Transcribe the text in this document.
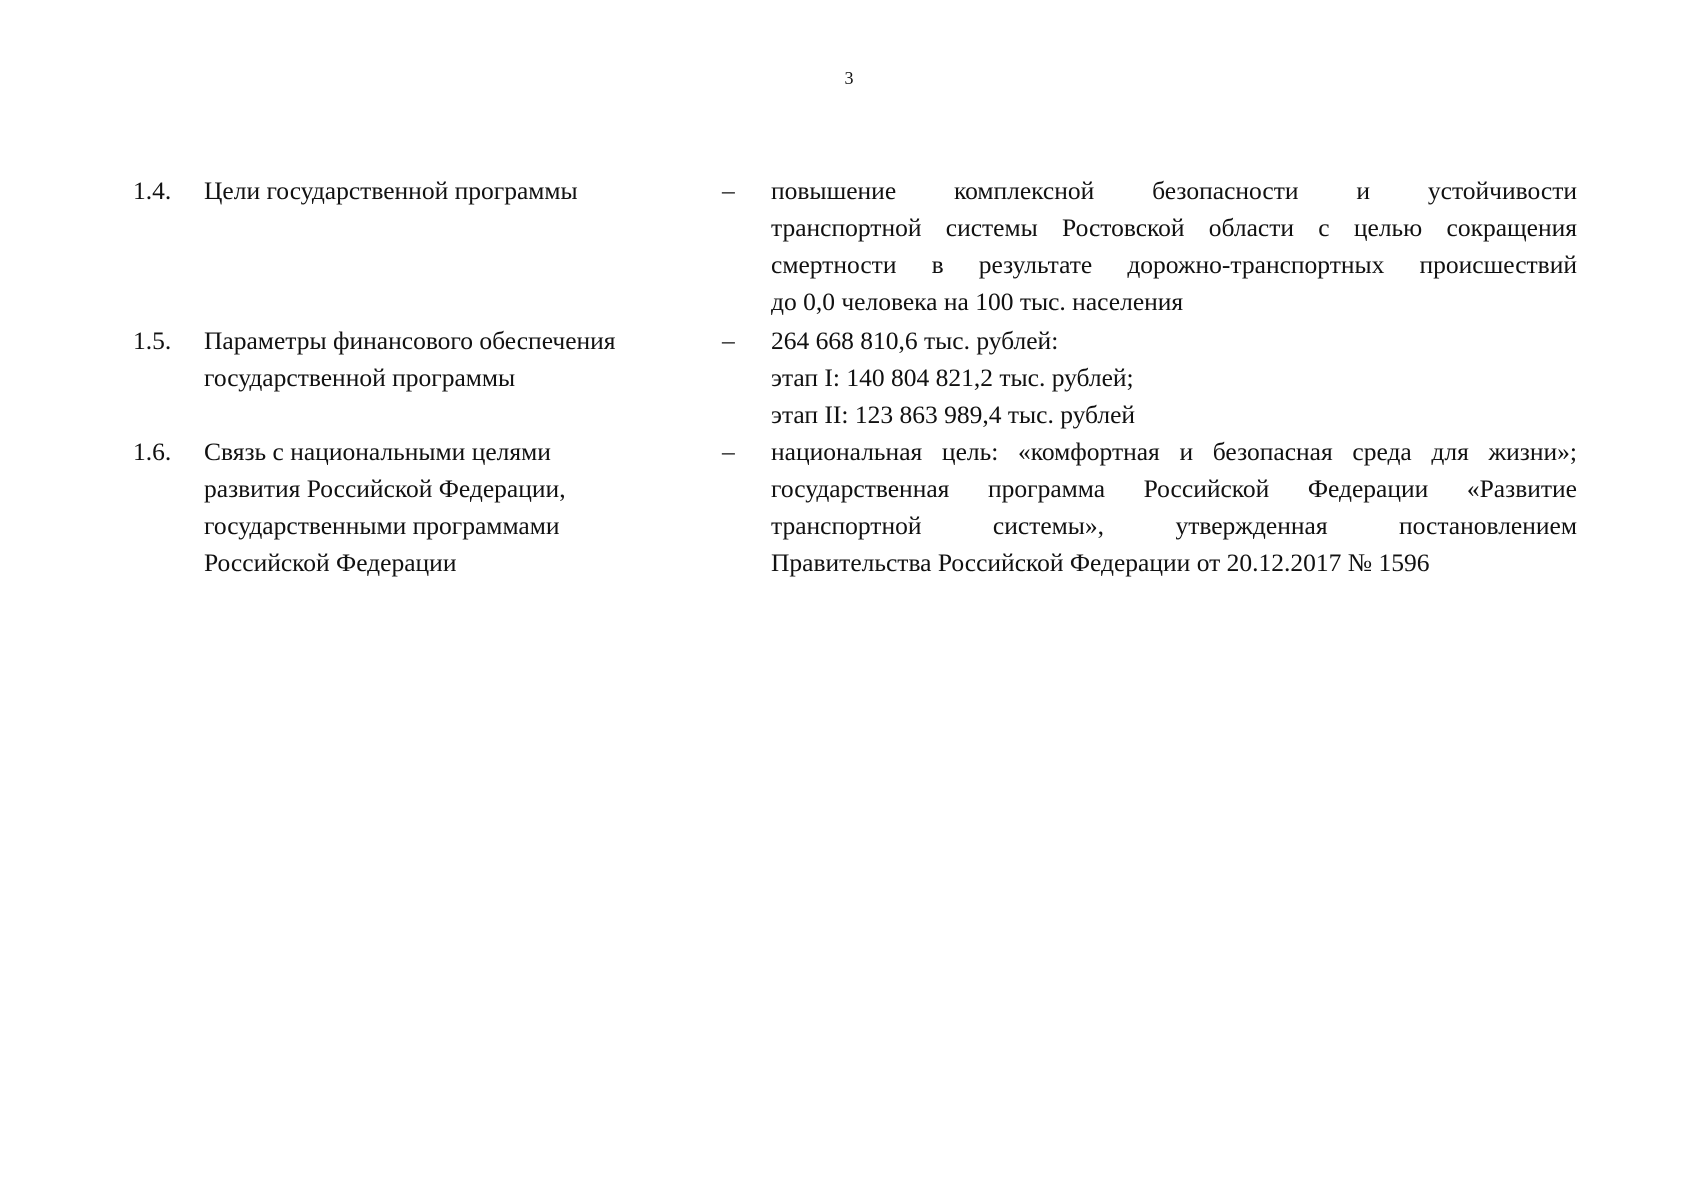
3
1.4. Цели государственной программы	– повышение комплексной безопасности и устойчивости
транспортной системы Ростовской области с целью сокращения
смертности в результате дорожно-транспортных происшествий
до 0,0 человека на 100 тыс. населения
1.5. Параметры финансового обеспечения
государственной программы
– 264 668 810,6 тыс. рублей:
этап I: 140 804 821,2 тыс. рублей;
этап II: 123 863 989,4 тыс. рублей
1.6. Связь с национальными целями
развития Российской Федерации,
государственными программами
Российской Федерации
– национальная цель: «комфортная и безопасная среда для жизни»;
государственная программа Российской Федерации «Развитие
транспортной системы», утвержденная постановлением
Правительства Российской Федерации от 20.12.2017 № 1596
